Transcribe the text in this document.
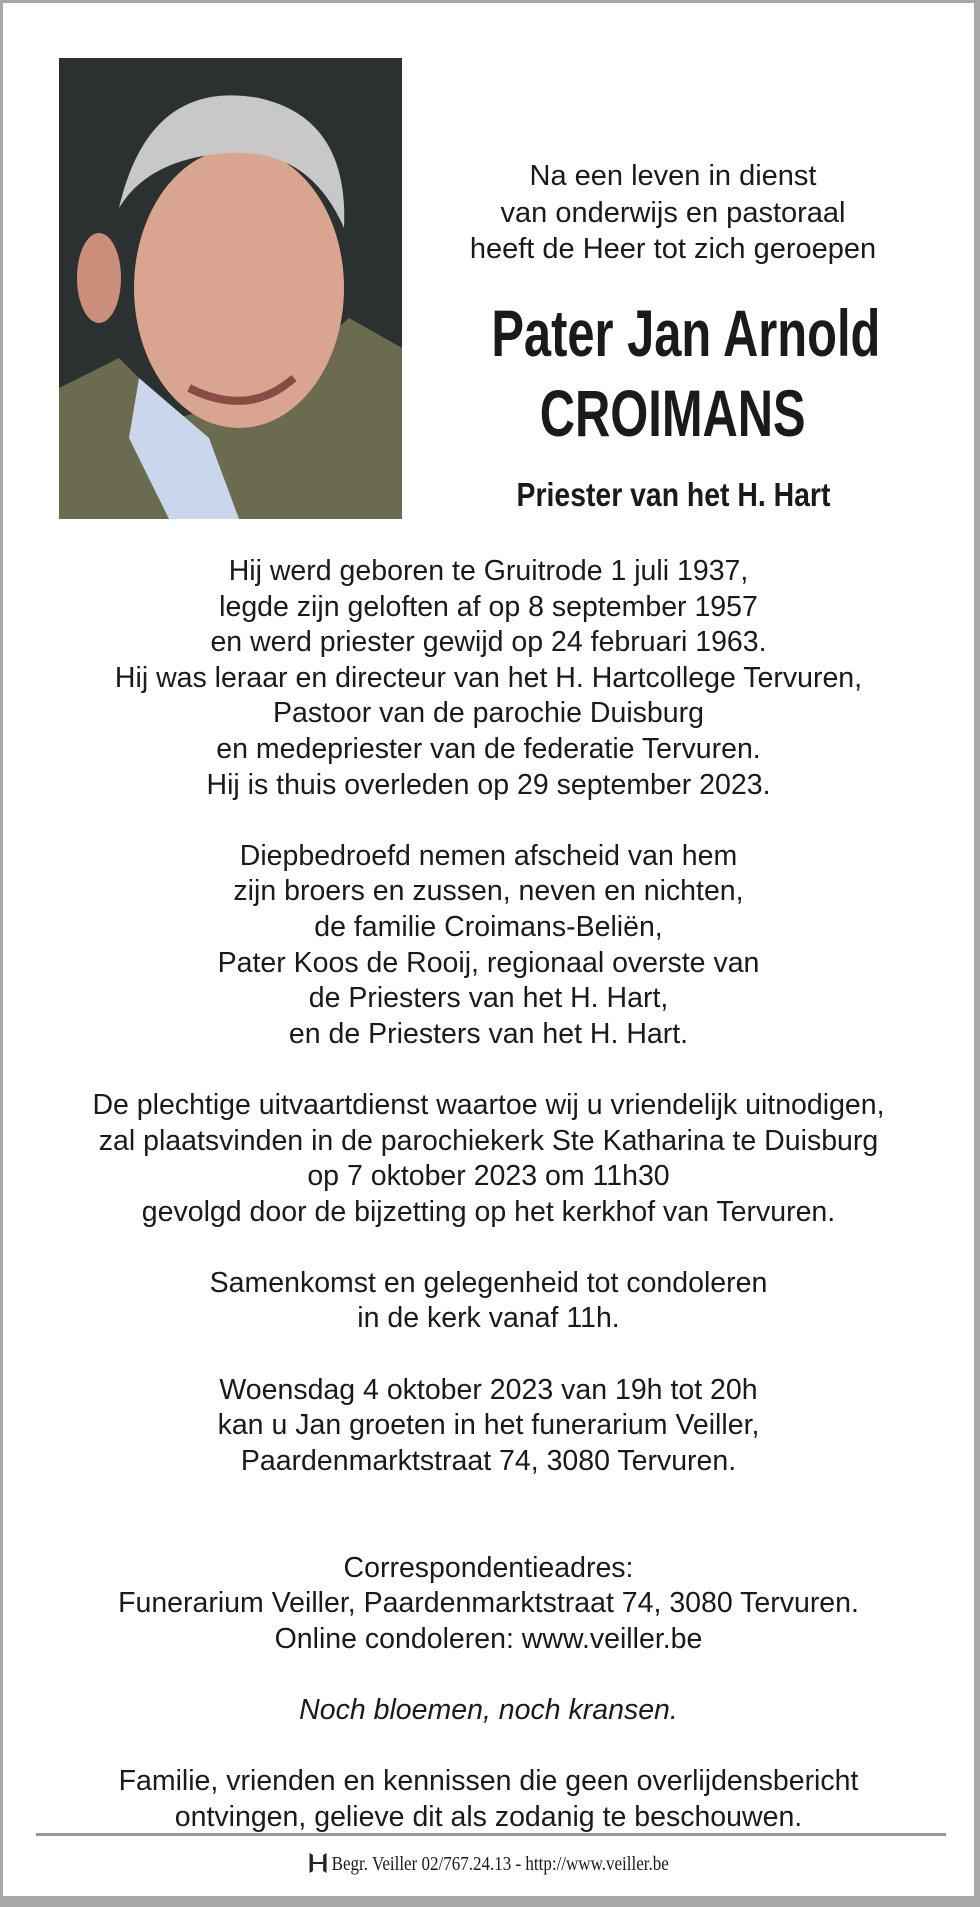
Na een leven in dienst
van onderwijs en pastoraal
heeft de Heer tot zich geroepen
Pater Jan Arnold
CROIMANS
Priester van het H. Hart
Hij werd geboren te Gruitrode 1 juli 1937,
legde zijn geloften af op 8 september 1957
en werd priester gewijd op 24 februari 1963.
Hij was leraar en directeur van het H. Hartcollege Tervuren,
Pastoor van de parochie Duisburg
en medepriester van de federatie Tervuren.
Hij is thuis overleden op 29 september 2023.
Diepbedroefd nemen afscheid van hem
zijn broers en zussen, neven en nichten,
de familie Croimans-Beliën,
Pater Koos de Rooij, regionaal overste van
de Priesters van het H. Hart,
en de Priesters van het H. Hart.
De plechtige uitvaartdienst waartoe wij u vriendelijk uitnodigen,
zal plaatsvinden in de parochiekerk Ste Katharina te Duisburg
op 7 oktober 2023 om 11h30
gevolgd door de bijzetting op het kerkhof van Tervuren.
Samenkomst en gelegenheid tot condoleren
in de kerk vanaf 11h.
Woensdag 4 oktober 2023 van 19h tot 20h
kan u Jan groeten in het funerarium Veiller,
Paardenmarktstraat 74, 3080 Tervuren.
Correspondentieadres:
Funerarium Veiller, Paardenmarktstraat 74, 3080 Tervuren.
Online condoleren: www.veiller.be
Noch bloemen, noch kransen.
Familie, vrienden en kennissen die geen overlijdensbericht
ontvingen, gelieve dit als zodanig te beschouwen.
Begr. Veiller 02/767.24.13 - http://www.veiller.be
